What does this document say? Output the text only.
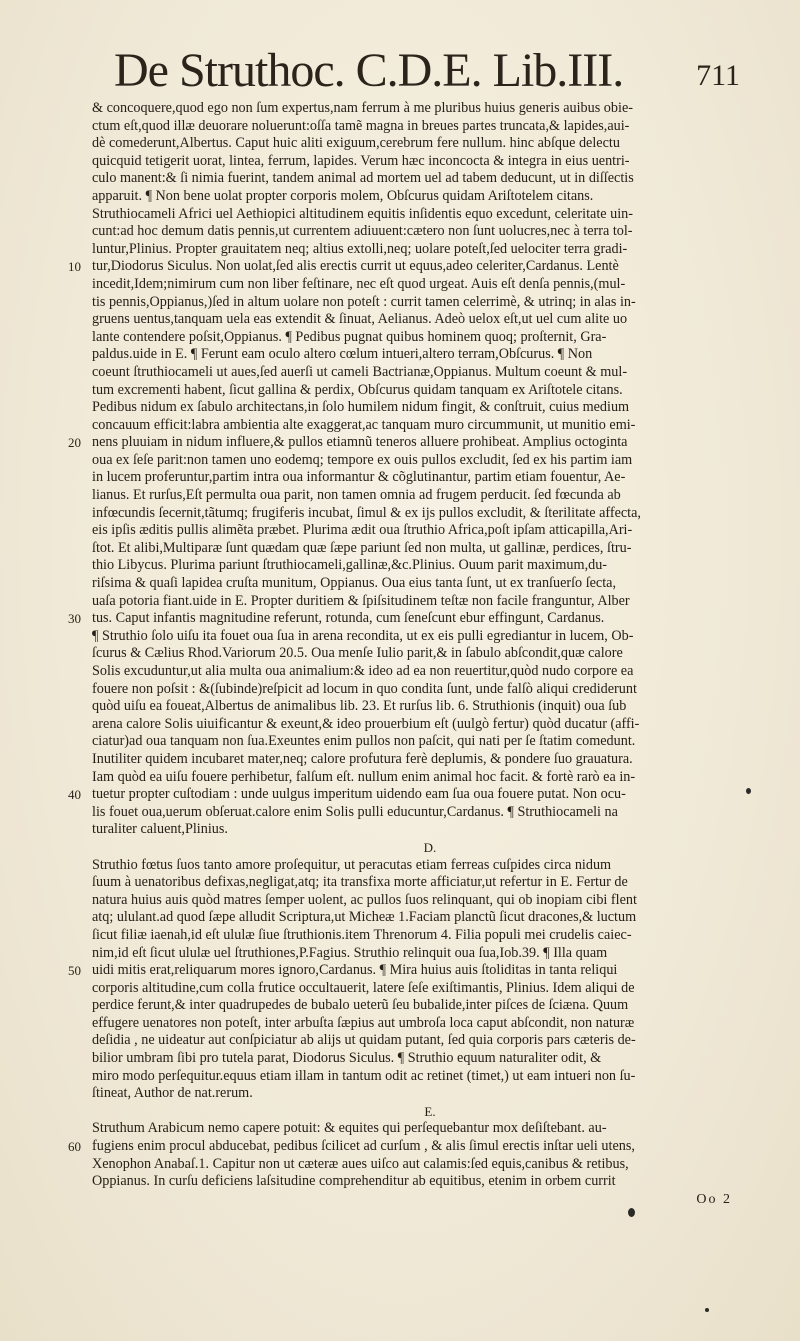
De Struthoc. C.D.E. Lib.III. 711
& concoquere,quod ego non ſum expertus,nam ferrum à me pluribus huius generis auibus obie-
ctum eſt,quod illæ deuorare noluerunt:oſſa tamẽ magna in breues partes truncata,& lapides,aui-
dè comederunt,Albertus. Caput huic aliti exiguum,cerebrum fere nullum. hinc abſque delectu
quicquid tetigerit uorat, lintea, ferrum, lapides. Verum hæc inconcocta & integra in eius uentri-
culo manent:& ſi nimia fuerint, tandem animal ad mortem uel ad tabem deducunt, ut in diſſectis
apparuit. ¶ Non bene uolat propter corporis molem, Obſcurus quidam Ariſtotelem citans.
Struthiocameli Africi uel Aethiopici altitudinem equitis inſidentis equo excedunt, celeritate uin-
cunt:ad hoc demum datis pennis,ut currentem adiuuent:cæterο non ſunt uolucres,nec à terra tol-
luntur,Plinius. Propter grauitatem neq; altius extolli,neq; uolare poteſt,ſed uelociter terra gradi-
10 tur,Diodorus Siculus. Non uolat,ſed alis erectis currit ut equus,adeo celeriter,Cardanus. Lentè
incedit,Idem;nimirum cum non liber feſtinare, nec eſt quod urgeat. Auis eſt denſa pennis,(mul-
tis pennis,Oppianus,)ſed in altum uolare non poteſt : currit tamen celerrimè, & utrinq; in alas in-
gruens uentus,tanquam uela eas extendit & ſinuat, Aelianus. Adeò uelox eſt,ut uel cum alite uo
lante contendere poſsit,Oppianus. ¶ Pedibus pugnat quibus hominem quoq; proſternit, Gra-
paldus.uide in E. ¶ Ferunt eam oculo altero cœlum intueri,altero terram,Obſcurus. ¶ Non
coeunt ſtruthiocameli ut aues,ſed auerſi ut cameli Bactrianæ,Oppianus. Multum coeunt & mul-
tum excrementi habent, ſicut gallina & perdix, Obſcurus quidam tanquam ex Ariſtotele citans.
Pedibus nidum ex ſabulo architectans,in ſolo humilem nidum fingit, & conſtruit, cuius medium
concauum efficit:labra ambientia alte exaggerat,ac tanquam muro circummunit, ut munitio emi-
20 nens pluuiam in nidum influere,& pullos etiamnũ teneros alluere prohibeat. Amplius octoginta
oua ex ſeſe parit:non tamen uno eodemq; tempore ex ouis pullos excludit, ſed ex his partim iam
in lucem proferuntur,partim intra oua informantur & cõglutinantur, partim etiam fouentur, Ae-
lianus. Et rurſus,Eſt permulta oua parit, non tamen omnia ad frugem perducit. ſed fœcunda ab
infœcundis ſecernit,tãtumq; frugiferis incubat, ſimul & ex ijs pullos excludit, & ſterilitate affecta,
eis ipſis æditis pullis alimẽta præbet. Plurima ædit oua ſtruthio Africa,poſt ipſam atticapilla,Ari-
ſtot. Et alibi,Multiparæ ſunt quædam quæ ſæpe pariunt ſed non multa, ut gallinæ, perdices, ſtru-
thio Libycus. Plurima pariunt ſtruthiocameli,gallinæ,&c.Plinius. Ouum parit maximum,du-
riſsima & quaſi lapidea cruſta munitum, Oppianus. Oua eius tanta ſunt, ut ex tranſuerſo ſecta,
uaſa potoria fiant.uide in E. Propter duritiem & ſpiſsitudinem teſtæ non facile franguntur, Alber
30 tus. Caput infantis magnitudine referunt, rotunda, cum ſeneſcunt ebur effingunt, Cardanus.
¶ Struthio ſolo uiſu ita fouet oua ſua in arena recondita, ut ex eis pulli egrediantur in lucem, Ob-
ſcurus & Cælius Rhod.Variorum 20.5. Oua menſe Iulio parit,& in ſabulo abſcondit,quæ calore
Solis excuduntur,ut alia multa oua animalium:& ideo ad ea non reuertitur,quòd nudo corpore ea
fouere non poſsit : &(ſubinde)reſpicit ad locum in quo condita ſunt, unde falſò aliqui crediderunt
quòd uiſu ea foueat,Albertus de animalibus lib. 23. Et rurſus lib. 6. Struthionis (inquit) oua ſub
arena calore Solis uiuificantur & exeunt,& ideo prouerbium eſt (uulgò fertur) quòd ducatur (affi-
ciatur)ad oua tanquam non ſua.Exeuntes enim pullos non paſcit, qui nati per ſe ſtatim comedunt.
Inutiliter quidem incubaret mater,neq; calore profutura ferè deplumis, & pondere ſuo grauatura.
Iam quòd ea uiſu fouere perhibetur, falſum eſt. nullum enim animal hoc facit. & fortè rarò ea in-
40 tuetur propter cuſtodiam : unde uulgus imperitum uidendo eam ſua oua fouere putat. Non ocu-
lis fouet oua,uerum obſeruat.calore enim Solis pulli educuntur,Cardanus. ¶ Struthiocameli na
turaliter caluent,Plinius.
D.
Struthio fœtus ſuos tanto amore proſequitur, ut peracutas etiam ferreas cuſpides circa nidum
ſuum à uenatoribus defixas,negligat,atq; ita transfixa morte afficiatur,ut refertur in E. Fertur de
natura huius auis quòd matres ſemper uolent, ac pullos ſuos relinquant, qui ob inopiam cibi flent
atq; ululant.ad quod ſæpe alludit Scriptura,ut Micheæ 1.Faciam planctũ ſicut dracones,& luctum
ſicut filiæ iaenah,id eſt ululæ ſiue ſtruthionis.item Threnorum 4. Filia populi mei crudelis caiec-
nim,id eſt ſicut ululæ uel ſtruthiones,P.Fagius. Struthio relinquit oua ſua,Iob.39. ¶ Illa quam
50 uidi mitis erat,reliquarum mores ignoro,Cardanus. ¶ Mira huius auis ſtoliditas in tanta reliqui
corporis altitudine,cum colla frutice occultauerit, latere ſeſe exiſtimantis, Plinius. Idem aliqui de
perdice ferunt,& inter quadrupedes de bubalo ueterũ ſeu bubalide,inter piſces de ſciæna. Quum
effugere uenatores non poteſt, inter arbuſta ſæpius aut umbroſa loca caput abſcondit, non naturæ
deſidia , ne uideatur aut conſpiciatur ab alijs ut quidam putant, ſed quia corporis pars cæteris de-
bilior umbram ſibi pro tutela parat, Diodorus Siculus. ¶ Struthio equum naturaliter odit, &
miro modo perſequitur.equus etiam illam in tantum odit ac retinet (timet,) ut eam intueri non ſu-
ſtineat, Author de nat.rerum.
E.
Struthum Arabicum nemo capere potuit: & equites qui perſequebantur mox deſiſtebant. au-
60 fugiens enim procul abducebat, pedibus ſcilicet ad curſum , & alis ſimul erectis inſtar ueli utens,
Xenophon Anabaſ.1. Capitur non ut cæteræ aues uiſco aut calamis:ſed equis,canibus & retibus,
Oppianus. In curſu deficiens laſsitudine comprehenditur ab equitibus, etenim in orbem currit
Oo 2
